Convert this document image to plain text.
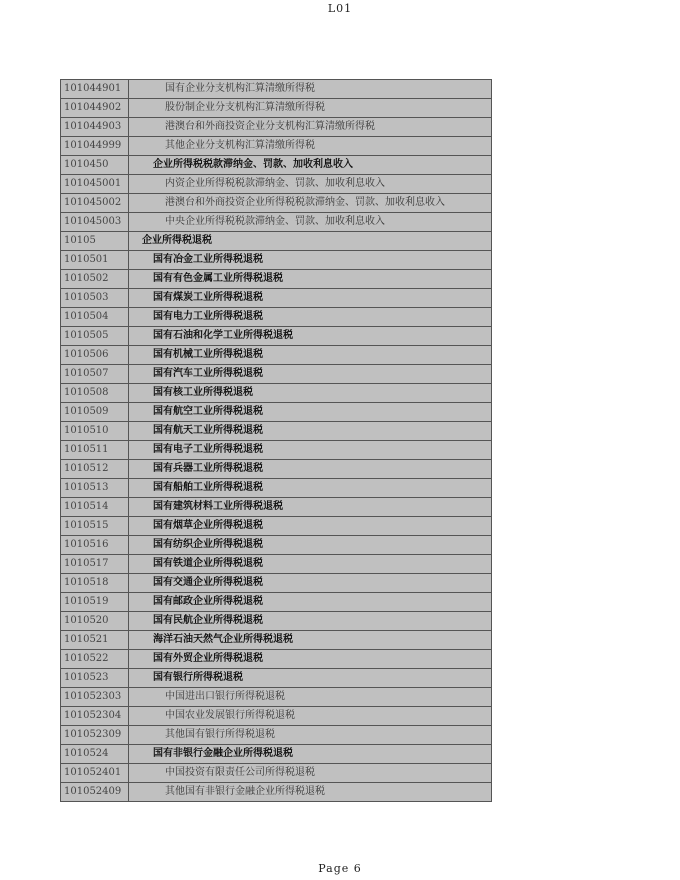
L01
101044901	国有企业分支机构汇算清缴所得税
101044902	股份制企业分支机构汇算清缴所得税
101044903	港澳台和外商投资企业分支机构汇算清缴所得税
101044999	其他企业分支机构汇算清缴所得税
1010450	企业所得税税款滞纳金、罚款、加收利息收入
101045001	内资企业所得税税款滞纳金、罚款、加收利息收入
101045002	港澳台和外商投资企业所得税税款滞纳金、罚款、加收利息收入
101045003	中央企业所得税税款滞纳金、罚款、加收利息收入
10105	企业所得税退税
1010501	国有冶金工业所得税退税
1010502	国有有色金属工业所得税退税
1010503	国有煤炭工业所得税退税
1010504	国有电力工业所得税退税
1010505	国有石油和化学工业所得税退税
1010506	国有机械工业所得税退税
1010507	国有汽车工业所得税退税
1010508	国有核工业所得税退税
1010509	国有航空工业所得税退税
1010510	国有航天工业所得税退税
1010511	国有电子工业所得税退税
1010512	国有兵器工业所得税退税
1010513	国有船舶工业所得税退税
1010514	国有建筑材料工业所得税退税
1010515	国有烟草企业所得税退税
1010516	国有纺织企业所得税退税
1010517	国有铁道企业所得税退税
1010518	国有交通企业所得税退税
1010519	国有邮政企业所得税退税
1010520	国有民航企业所得税退税
1010521	海洋石油天然气企业所得税退税
1010522	国有外贸企业所得税退税
1010523	国有银行所得税退税
101052303	中国进出口银行所得税退税
101052304	中国农业发展银行所得税退税
101052309	其他国有银行所得税退税
1010524	国有非银行金融企业所得税退税
101052401	中国投资有限责任公司所得税退税
101052409	其他国有非银行金融企业所得税退税
Page 6
